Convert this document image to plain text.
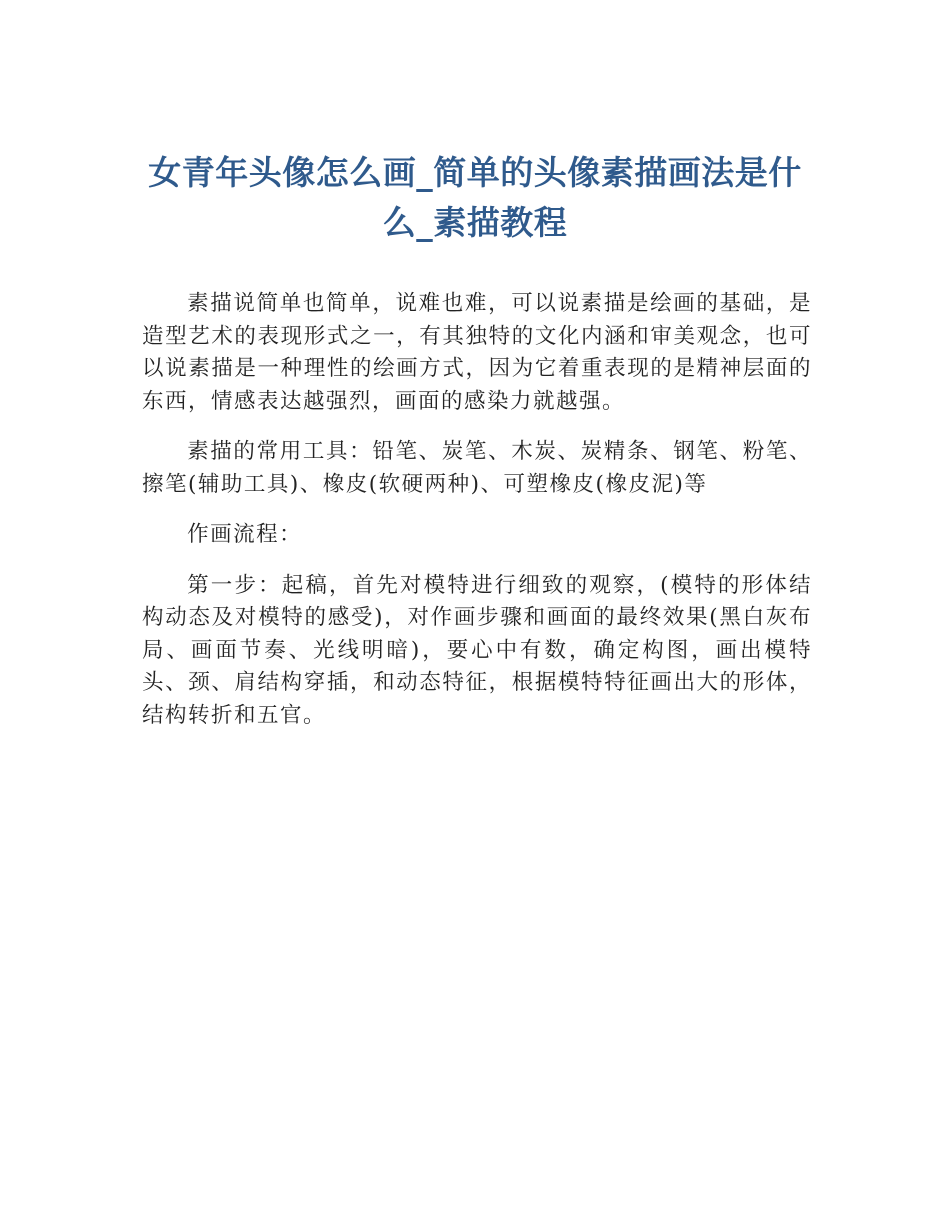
女青年头像怎么画_简单的头像素描画法是什么_素描教程

素描说简单也简单，说难也难，可以说素描是绘画的基础，是造型艺术的表现形式之一，有其独特的文化内涵和审美观念，也可以说素描是一种理性的绘画方式，因为它着重表现的是精神层面的东西，情感表达越强烈，画面的感染力就越强。

素描的常用工具：铅笔、炭笔、木炭、炭精条、钢笔、粉笔、擦笔(辅助工具)、橡皮(软硬两种)、可塑橡皮(橡皮泥)等

作画流程：

第一步：起稿，首先对模特进行细致的观察，(模特的形体结构动态及对模特的感受)，对作画步骤和画面的最终效果(黑白灰布局、画面节奏、光线明暗)，要心中有数，确定构图，画出模特头、颈、肩结构穿插，和动态特征，根据模特特征画出大的形体，结构转折和五官。
